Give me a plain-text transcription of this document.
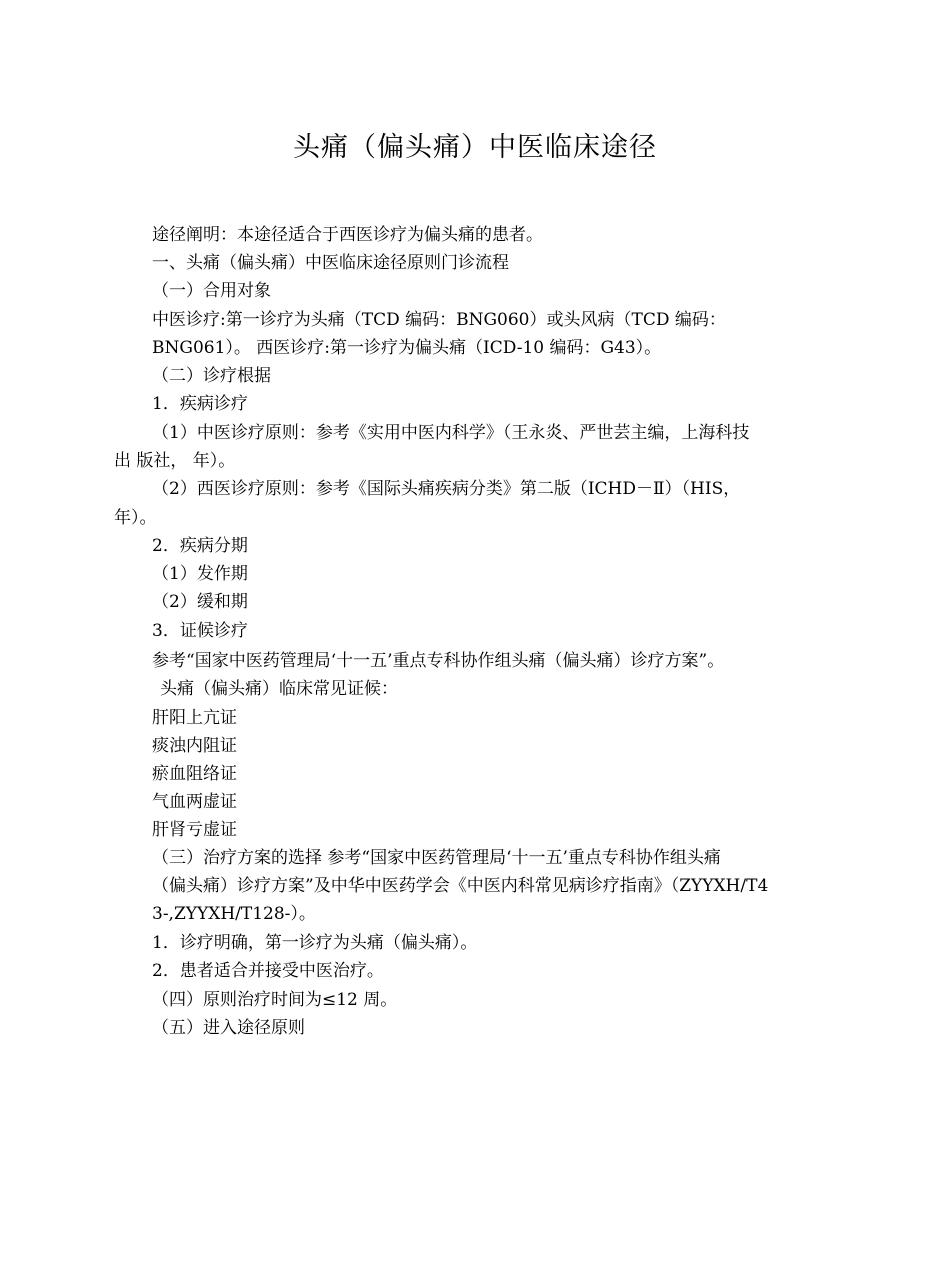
头痛（偏头痛）中医临床途径
途径阐明：本途径适合于西医诊疗为偏头痛的患者。
一、头痛（偏头痛）中医临床途径原则门诊流程
（一）合用对象
中医诊疗:第一诊疗为头痛（TCD 编码：BNG060）或头风病（TCD 编码：
BNG061）。 西医诊疗:第一诊疗为偏头痛（ICD-10 编码：G43）。
（二）诊疗根据
1．疾病诊疗
（1）中医诊疗原则：参考《实用中医内科学》（王永炎、严世芸主编，上海科技
出 版社， 年）。
（2）西医诊疗原则：参考《国际头痛疾病分类》第二版（ICHD－Ⅱ）（HIS，
年）。
2．疾病分期
（1）发作期
（2）缓和期
3．证候诊疗
参考“国家中医药管理局‘十一五’重点专科协作组头痛（偏头痛）诊疗方案”。
头痛（偏头痛）临床常见证候：
肝阳上亢证
痰浊内阻证
瘀血阻络证
气血两虚证
肝肾亏虚证
（三）治疗方案的选择 参考“国家中医药管理局‘十一五’重点专科协作组头痛
（偏头痛）诊疗方案”及中华中医药学会《中医内科常见病诊疗指南》（ZYYXH/T4
3-,ZYYXH/T128-）。
1．诊疗明确，第一诊疗为头痛（偏头痛）。
2．患者适合并接受中医治疗。
（四）原则治疗时间为≤12 周。
（五）进入途径原则
